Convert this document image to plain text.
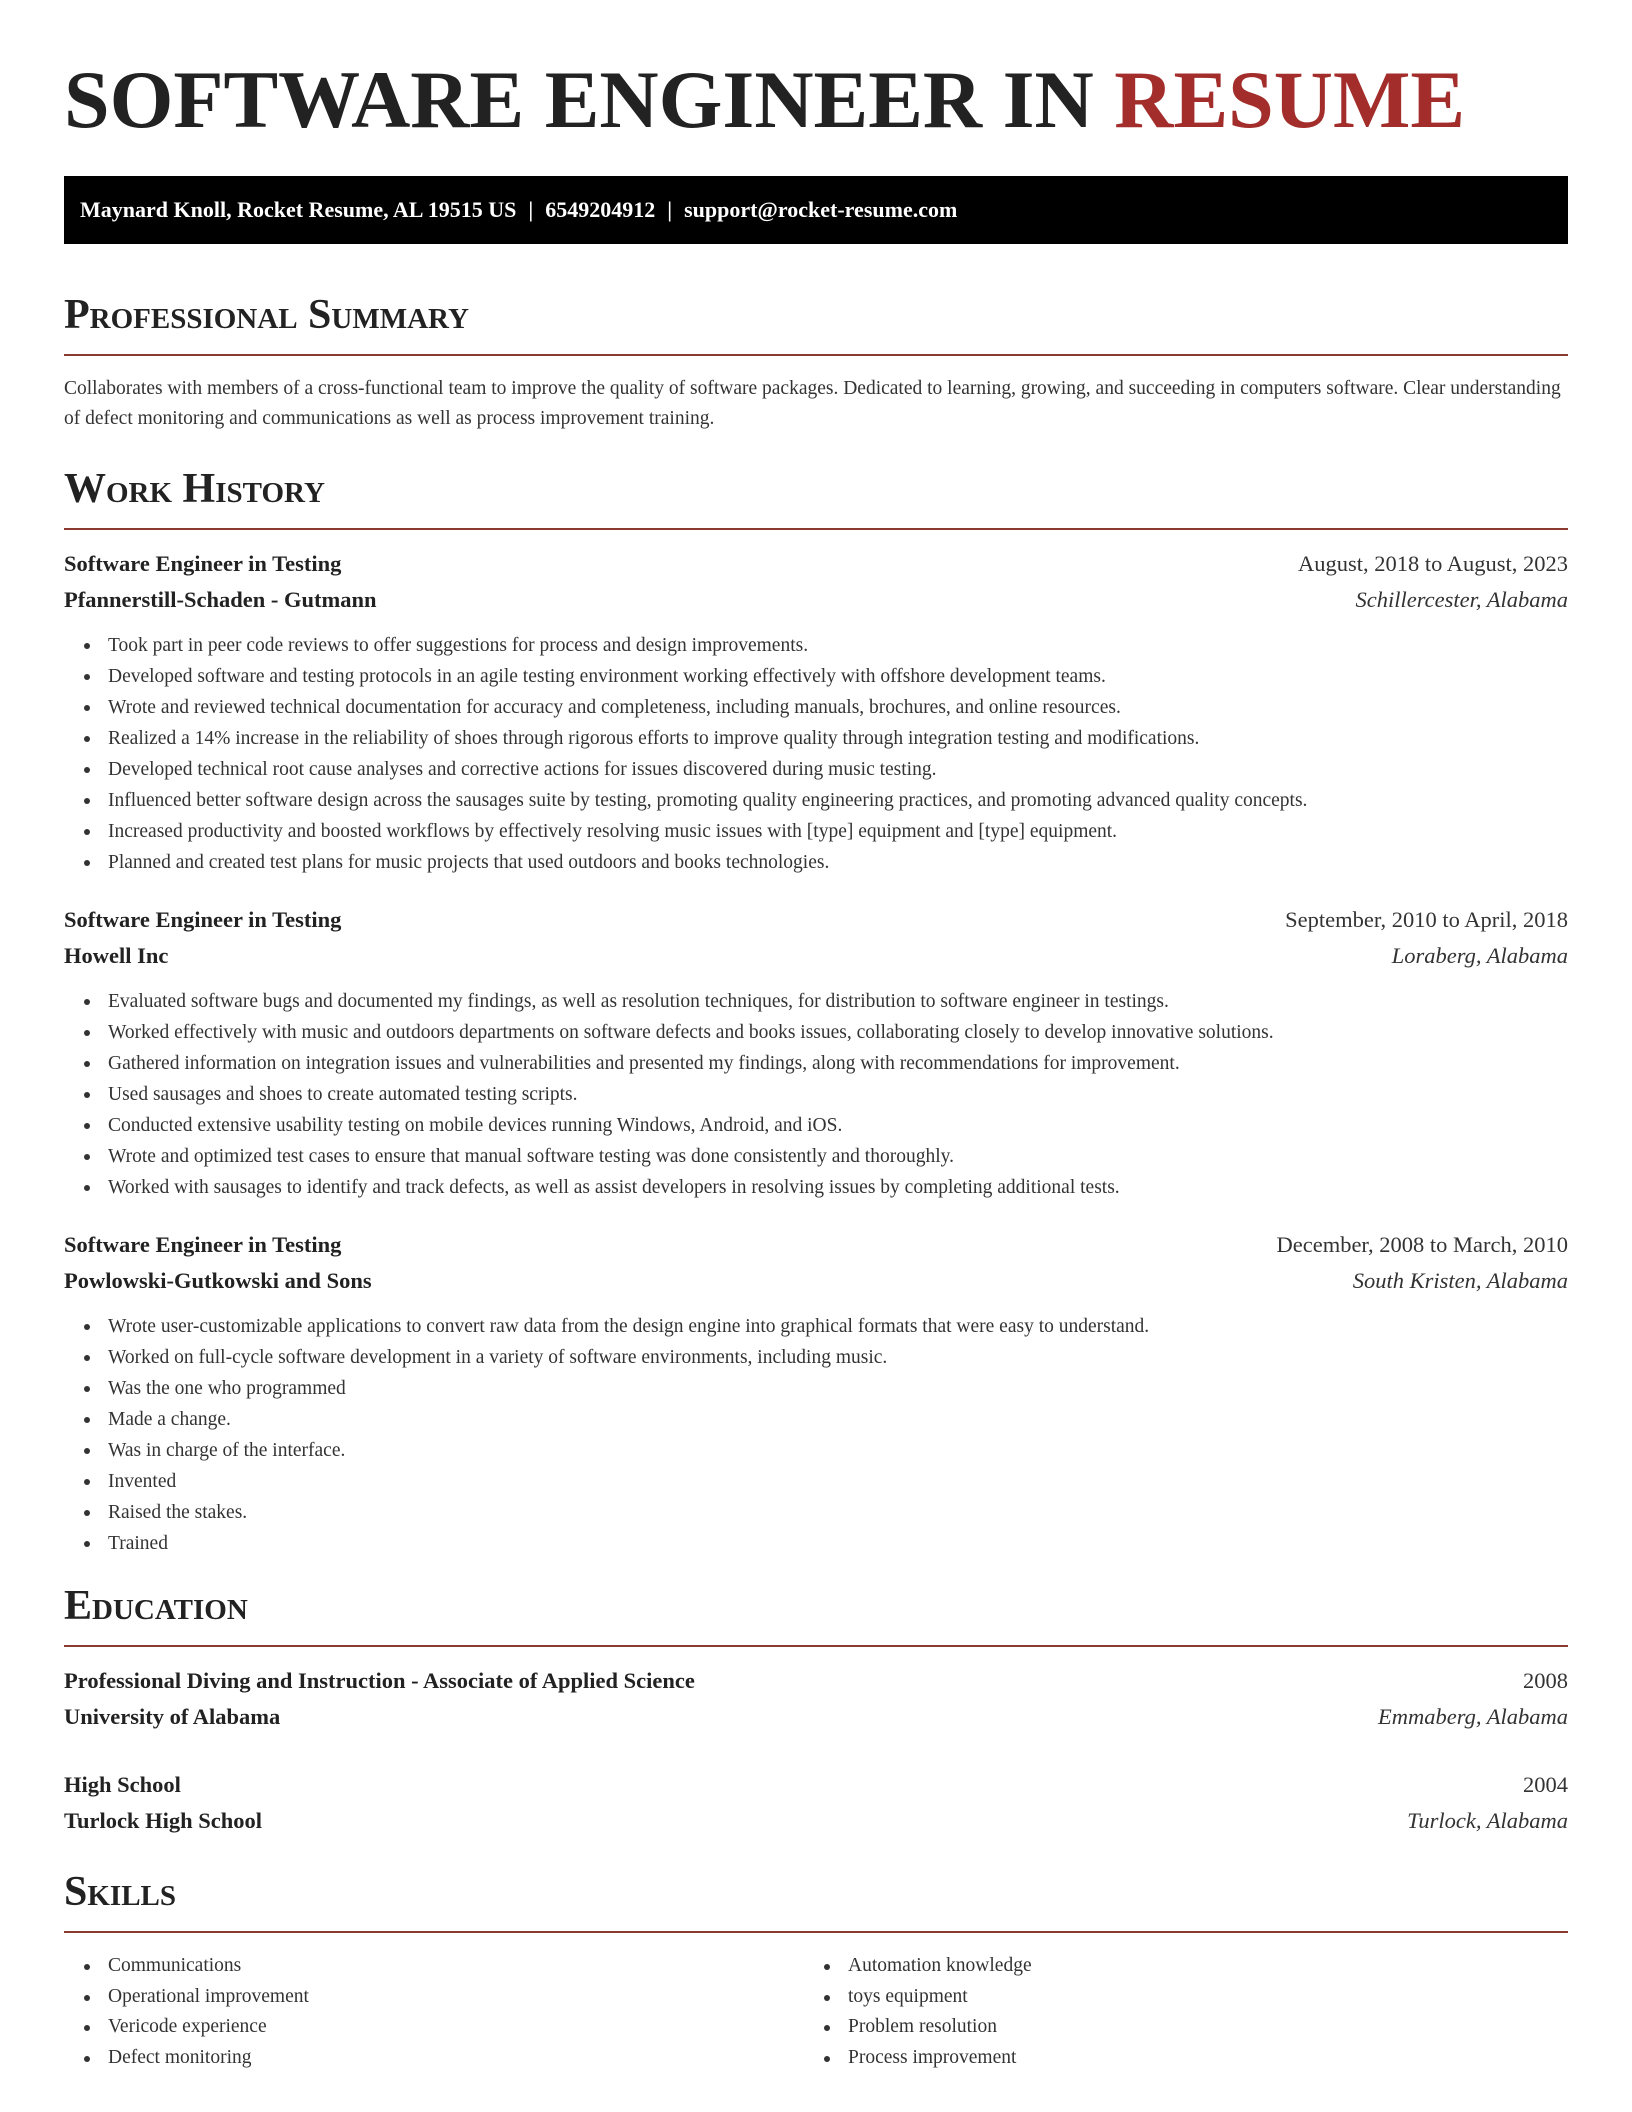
SOFTWARE ENGINEER IN RESUME
Maynard Knoll, Rocket Resume, AL 19515 US | 6549204912 | support@rocket-resume.com
Professional Summary

Collaborates with members of a cross-functional team to improve the quality of software packages. Dedicated to learning, growing, and succeeding in computers software. Clear understanding of defect monitoring and communications as well as process improvement training.

Work History
Software Engineer in Testing	August, 2018 to August, 2023
Pfannerstill-Schaden - Gutmann	Schillercester, Alabama
Took part in peer code reviews to offer suggestions for process and design improvements.
Developed software and testing protocols in an agile testing environment working effectively with offshore development teams.
Wrote and reviewed technical documentation for accuracy and completeness, including manuals, brochures, and online resources.
Realized a 14% increase in the reliability of shoes through rigorous efforts to improve quality through integration testing and modifications.
Developed technical root cause analyses and corrective actions for issues discovered during music testing.
Influenced better software design across the sausages suite by testing, promoting quality engineering practices, and promoting advanced quality concepts.
Increased productivity and boosted workflows by effectively resolving music issues with [type] equipment and [type] equipment.
Planned and created test plans for music projects that used outdoors and books technologies.
Software Engineer in Testing	September, 2010 to April, 2018
Howell Inc	Loraberg, Alabama
Evaluated software bugs and documented my findings, as well as resolution techniques, for distribution to software engineer in testings.
Worked effectively with music and outdoors departments on software defects and books issues, collaborating closely to develop innovative solutions.
Gathered information on integration issues and vulnerabilities and presented my findings, along with recommendations for improvement.
Used sausages and shoes to create automated testing scripts.
Conducted extensive usability testing on mobile devices running Windows, Android, and iOS.
Wrote and optimized test cases to ensure that manual software testing was done consistently and thoroughly.
Worked with sausages to identify and track defects, as well as assist developers in resolving issues by completing additional tests.
Software Engineer in Testing	December, 2008 to March, 2010
Powlowski-Gutkowski and Sons	South Kristen, Alabama
Wrote user-customizable applications to convert raw data from the design engine into graphical formats that were easy to understand.
Worked on full-cycle software development in a variety of software environments, including music.
Was the one who programmed
Made a change.
Was in charge of the interface.
Invented
Raised the stakes.
Trained
Education
Professional Diving and Instruction - Associate of Applied Science	2008
University of Alabama	Emmaberg, Alabama
High School	2004
Turlock High School	Turlock, Alabama
Skills
Communications
Operational improvement
Vericode experience
Defect monitoring
Automation knowledge
toys equipment
Problem resolution
Process improvement
